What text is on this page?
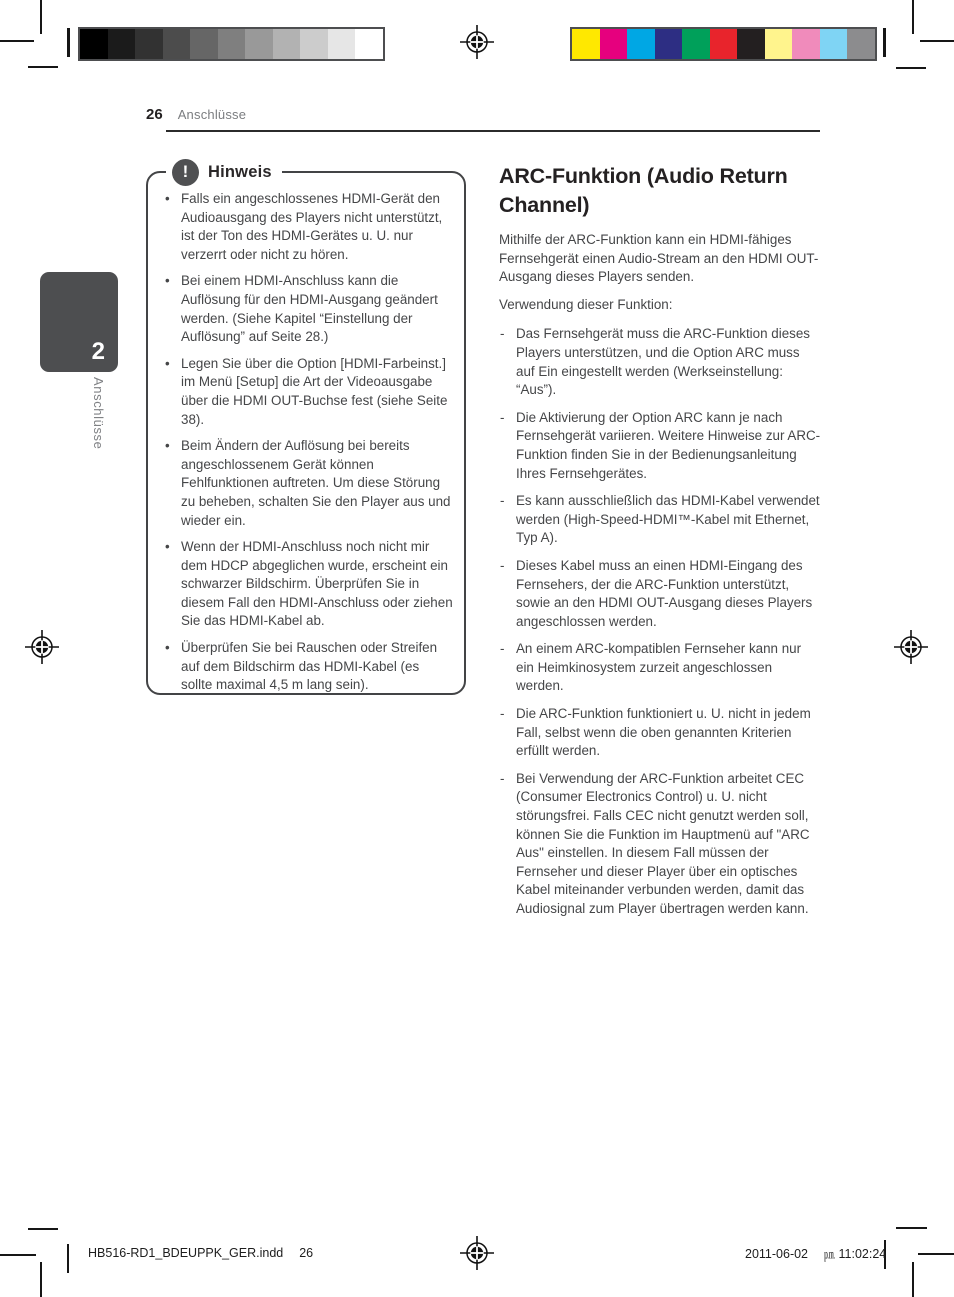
26 Anschlüsse
2
Anschlüsse
!	Hinweis
• Falls ein angeschlossenes HDMI-Gerät den Audioausgang des Players nicht unterstützt, ist der Ton des HDMI-Gerätes u. U. nur verzerrt oder nicht zu hören.
• Bei einem HDMI-Anschluss kann die Auflösung für den HDMI-Ausgang geändert werden. (Siehe Kapitel “Einstellung der Auflösung” auf Seite 28.)
• Legen Sie über die Option [HDMI-Farbeinst.] im Menü [Setup] die Art der Videoausgabe über die HDMI OUT-Buchse fest (siehe Seite 38).
• Beim Ändern der Auflösung bei bereits angeschlossenem Gerät können Fehlfunktionen auftreten. Um diese Störung zu beheben, schalten Sie den Player aus und wieder ein.
• Wenn der HDMI-Anschluss noch nicht mir dem HDCP abgeglichen wurde, erscheint ein schwarzer Bildschirm. Überprüfen Sie in diesem Fall den HDMI-Anschluss oder ziehen Sie das HDMI-Kabel ab.
• Überprüfen Sie bei Rauschen oder Streifen auf dem Bildschirm das HDMI-Kabel (es sollte maximal 4,5 m lang sein).
ARC-Funktion (Audio Return Channel)

Mithilfe der ARC-Funktion kann ein HDMI-fähiges Fernsehgerät einen Audio-Stream an den HDMI OUT-Ausgang dieses Players senden.

Verwendung dieser Funktion:

- Das Fernsehgerät muss die ARC-Funktion dieses Players unterstützen, und die Option ARC muss auf Ein eingestellt werden (Werkseinstellung: “Aus”).
- Die Aktivierung der Option ARC kann je nach Fernsehgerät variieren. Weitere Hinweise zur ARC-Funktion finden Sie in der Bedienungsanleitung Ihres Fernsehgerätes.
- Es kann ausschließlich das HDMI-Kabel verwendet werden (High-Speed-HDMI™-Kabel mit Ethernet, Typ A).
- Dieses Kabel muss an einen HDMI-Eingang des Fernsehers, der die ARC-Funktion unterstützt, sowie an den HDMI OUT-Ausgang dieses Players angeschlossen werden.
- An einem ARC-kompatiblen Fernseher kann nur ein Heimkinosystem zurzeit angeschlossen werden.
- Die ARC-Funktion funktioniert u. U. nicht in jedem Fall, selbst wenn die oben genannten Kriterien erfüllt werden.
- Bei Verwendung der ARC-Funktion arbeitet CEC (Consumer Electronics Control) u. U. nicht störungsfrei. Falls CEC nicht genutzt werden soll, können Sie die Funktion im Hauptmenü auf "ARC Aus" einstellen. In diesem Fall müssen der Fernseher und dieser Player über ein optisches Kabel miteinander verbunden werden, damit das Audiosignal zum Player übertragen werden kann.
HB516-RD1_BDEUPPK_GER.indd 26	2011-06-02 ㏘ 11:02:24
